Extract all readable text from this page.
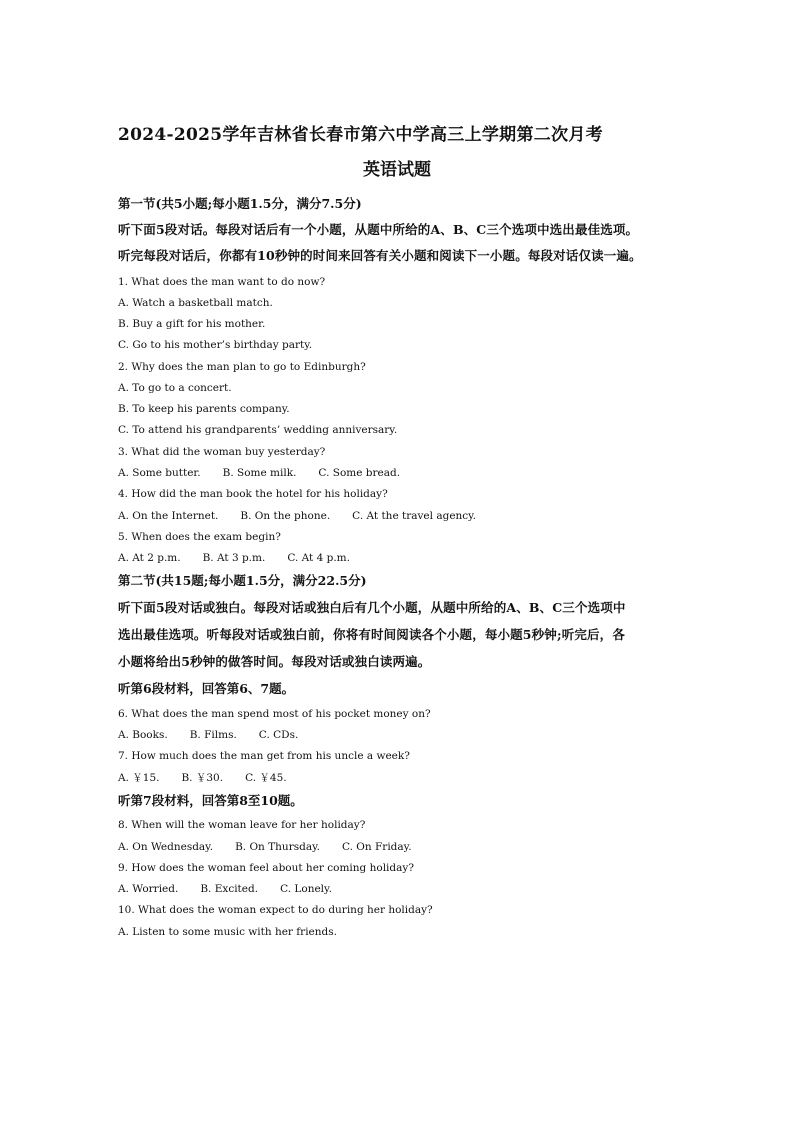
2024-2025学年吉林省长春市第六中学高三上学期第二次月考
英语试题
第一节(共5小题;每小题1.5分，满分7.5分)
听下面5段对话。每段对话后有一个小题，从题中所给的A、B、C三个选项中选出最佳选项。
听完每段对话后，你都有10秒钟的时间来回答有关小题和阅读下一小题。每段对话仅读一遍。
1. What does the man want to do now?
A. Watch a basketball match.
B. Buy a gift for his mother.
C. Go to his mother’s birthday party.
2. Why does the man plan to go to Edinburgh?
A. To go to a concert.
B. To keep his parents company.
C. To attend his grandparents’ wedding anniversary.
3. What did the woman buy yesterday?
A. Some butter. B. Some milk. C. Some bread.
4. How did the man book the hotel for his holiday?
A. On the Internet. B. On the phone. C. At the travel agency.
5. When does the exam begin?
A. At 2 p.m. B. At 3 p.m. C. At 4 p.m.
第二节(共15题;每小题1.5分，满分22.5分)
听下面5段对话或独白。每段对话或独白后有几个小题，从题中所给的A、B、C三个选项中
选出最佳选项。听每段对话或独白前，你将有时间阅读各个小题，每小题5秒钟;听完后，各
小题将给出5秒钟的做答时间。每段对话或独白读两遍。
听第6段材料，回答第6、7题。
6. What does the man spend most of his pocket money on?
A. Books. B. Films. C. CDs.
7. How much does the man get from his uncle a week?
A. ￥15. B. ￥30. C. ￥45.
听第7段材料，回答第8至10题。
8. When will the woman leave for her holiday?
A. On Wednesday. B. On Thursday. C. On Friday.
9. How does the woman feel about her coming holiday?
A. Worried. B. Excited. C. Lonely.
10. What does the woman expect to do during her holiday?
A. Listen to some music with her friends.
